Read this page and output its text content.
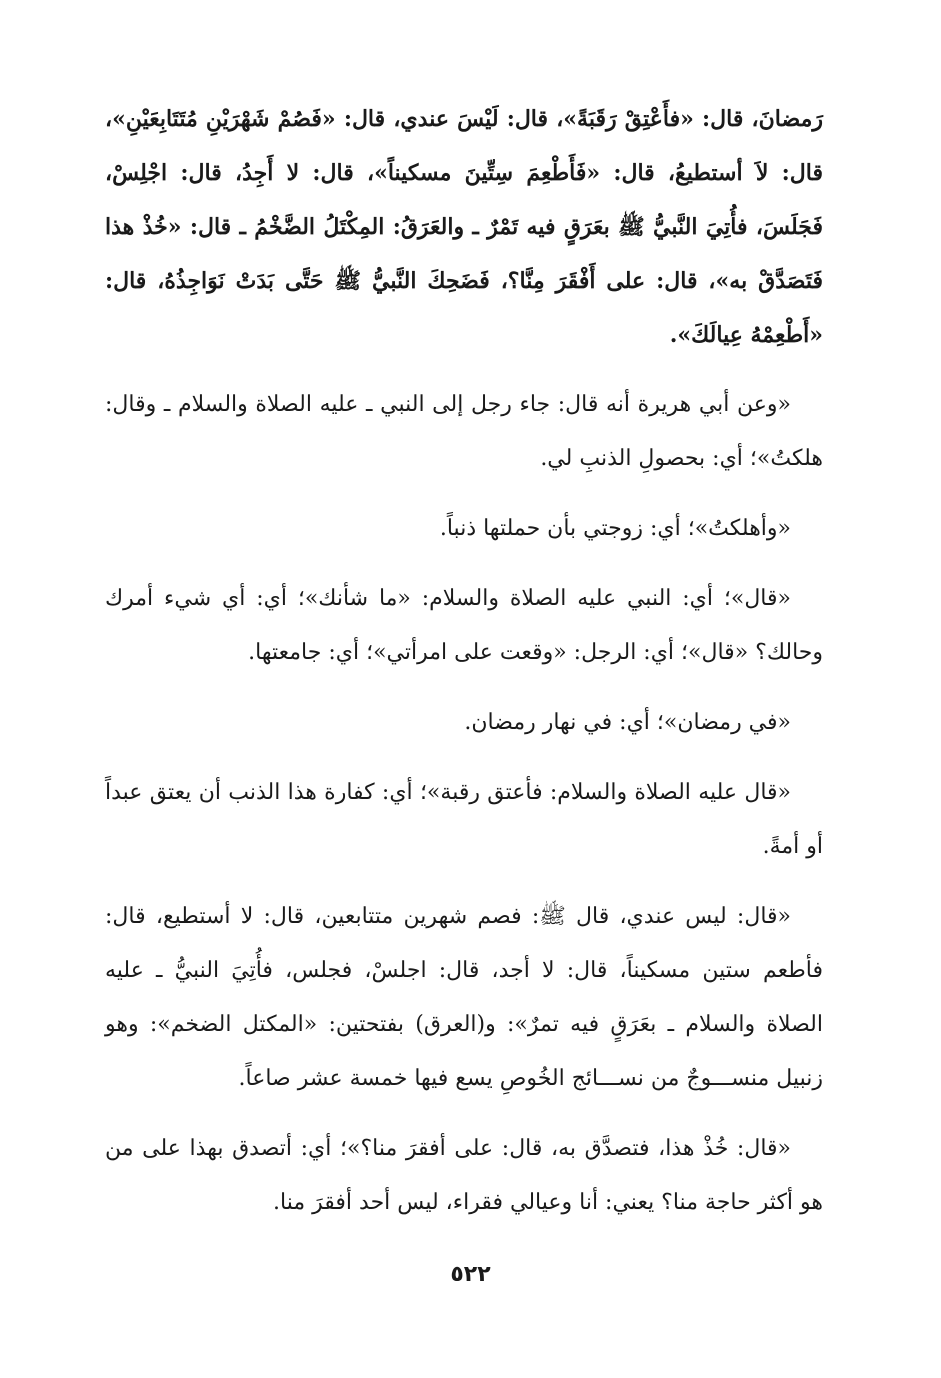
رَمضانَ، قال: «فأَعْتِقْ رَقَبَةً»، قال: لَيْسَ عندي، قال: «فَصُمْ شَهْرَيْنِ مُتَتَابِعَيْنِ»، قال: لاَ أستطيعُ، قال: «فَأَطْعِمَ سِتِّينَ مسكيناً»، قال: لا أَجِدُ، قال: اجْلِسْ، فَجَلَسَ، فأُتِيَ النَّبيُّ ﷺ بعَرَقٍ فيه تَمْرٌ ـ والعَرَقُ: المِكْتَلُ الضَّخْمُ ـ قال: «خُذْ هذا فَتَصَدَّقْ به»، قال: على أَفْقَرَ مِنَّا؟، فَضَحِكَ النَّبيُّ ﷺ حَتَّى بَدَتْ نَوَاجِذُهُ، قال: «أَطْعِمْهُ عِيالَكَ».

«وعن أبي هريرة أنه قال: جاء رجل إلى النبي ـ عليه الصلاة والسلام ـ وقال: هلكتُ»؛ أي: بحصولِ الذنبِ لي.

«وأهلكتُ»؛ أي: زوجتي بأن حملتها ذنباً.

«قال»؛ أي: النبي عليه الصلاة والسلام: «ما شأنك»؛ أي: أي شيء أمرك وحالك؟ «قال»؛ أي: الرجل: «وقعت على امرأتي»؛ أي: جامعتها.

«في رمضان»؛ أي: في نهار رمضان.

«قال عليه الصلاة والسلام: فأعتق رقبة»؛ أي: كفارة هذا الذنب أن يعتق عبداً أو أمةً.

«قال: ليس عندي، قال ﷺ: فصم شهرين متتابعين، قال: لا أستطيع، قال: فأطعم ستين مسكيناً، قال: لا أجد، قال: اجلسْ، فجلس، فأُتِيَ النبيُّ ـ عليه الصلاة والسلام ـ بعَرَقٍ فيه تمرٌ»: و(العرق) بفتحتين: «المكتل الضخم»: وهو زنبيل منســـوجٌ من نســـائج الخُوصِ يسع فيها خمسة عشر صاعاً.

«قال: خُذْ هذا، فتصدَّق به، قال: على أفقرَ منا؟»؛ أي: أتصدق بهذا على من هو أكثر حاجة منا؟ يعني: أنا وعيالي فقراء، ليس أحد أفقرَ منا.

٥٢٢
